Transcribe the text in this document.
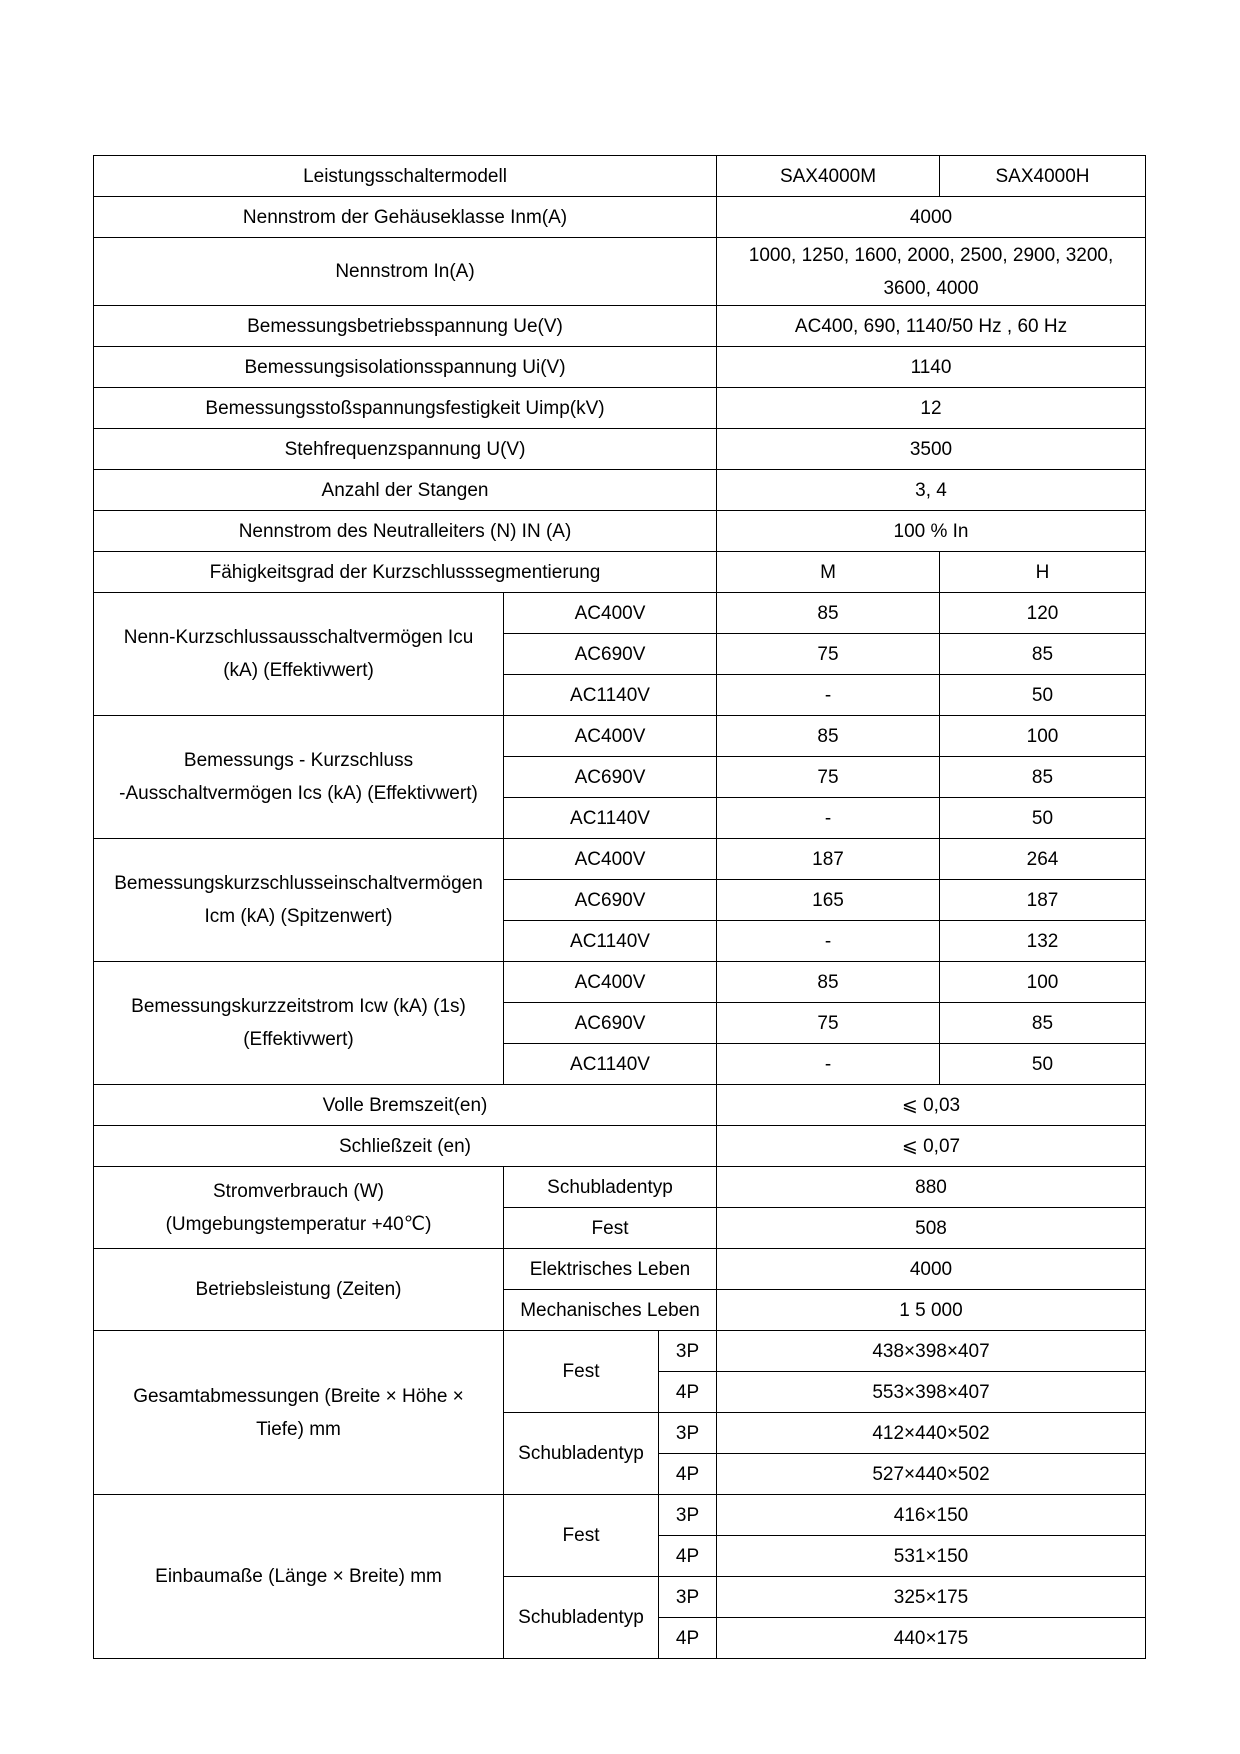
Leistungsschaltermodell			SAX4000M	SAX4000H
Nennstrom der Gehäuseklasse Inm(A)			4000	
Nennstrom In(A)			1000, 1250, 1600, 2000, 2500, 2900, 3200,
3600, 4000	
Bemessungsbetriebsspannung Ue(V)			AC400, 690, 1140/50 Hz , 60 Hz	
Bemessungsisolationsspannung Ui(V)			1140	
Bemessungsstoßspannungsfestigkeit Uimp(kV)			12	
Stehfrequenzspannung U(V)			3500	
Anzahl der Stangen			3, 4	
Nennstrom des Neutralleiters (N) IN (A)			100 % In	
Fähigkeitsgrad der Kurzschlusssegmentierung			M	H
Nenn-Kurzschlussausschaltvermögen Icu
(kA) (Effektivwert)	AC400V		85	120
	AC690V		75	85
	AC1140V		-	50
Bemessungs - Kurzschluss
-Ausschaltvermögen Ics (kA) (Effektivwert)	AC400V		85	100
	AC690V		75	85
	AC1140V		-	50
Bemessungskurzschlusseinschaltvermögen
Icm (kA) (Spitzenwert)	AC400V		187	264
	AC690V		165	187
	AC1140V		-	132
Bemessungskurzzeitstrom Icw (kA) (1s)
(Effektivwert)	AC400V		85	100
	AC690V		75	85
	AC1140V		-	50
Volle Bremszeit(en)			⩽ 0,03	
Schließzeit (en)			⩽ 0,07	
Stromverbrauch (W)
(Umgebungstemperatur +40℃)	Schubladentyp		880	
	Fest		508	
Betriebsleistung (Zeiten)	Elektrisches Leben		4000	
	Mechanisches Leben		1 5 000	
Gesamtabmessungen (Breite × Höhe ×
Tiefe) mm	Fest	3P	438×398×407	
		4P	553×398×407	
	Schubladentyp	3P	412×440×502	
		4P	527×440×502	
Einbaumaße (Länge × Breite) mm	Fest	3P	416×150	
		4P	531×150	
	Schubladentyp	3P	325×175	
		4P	440×175	
